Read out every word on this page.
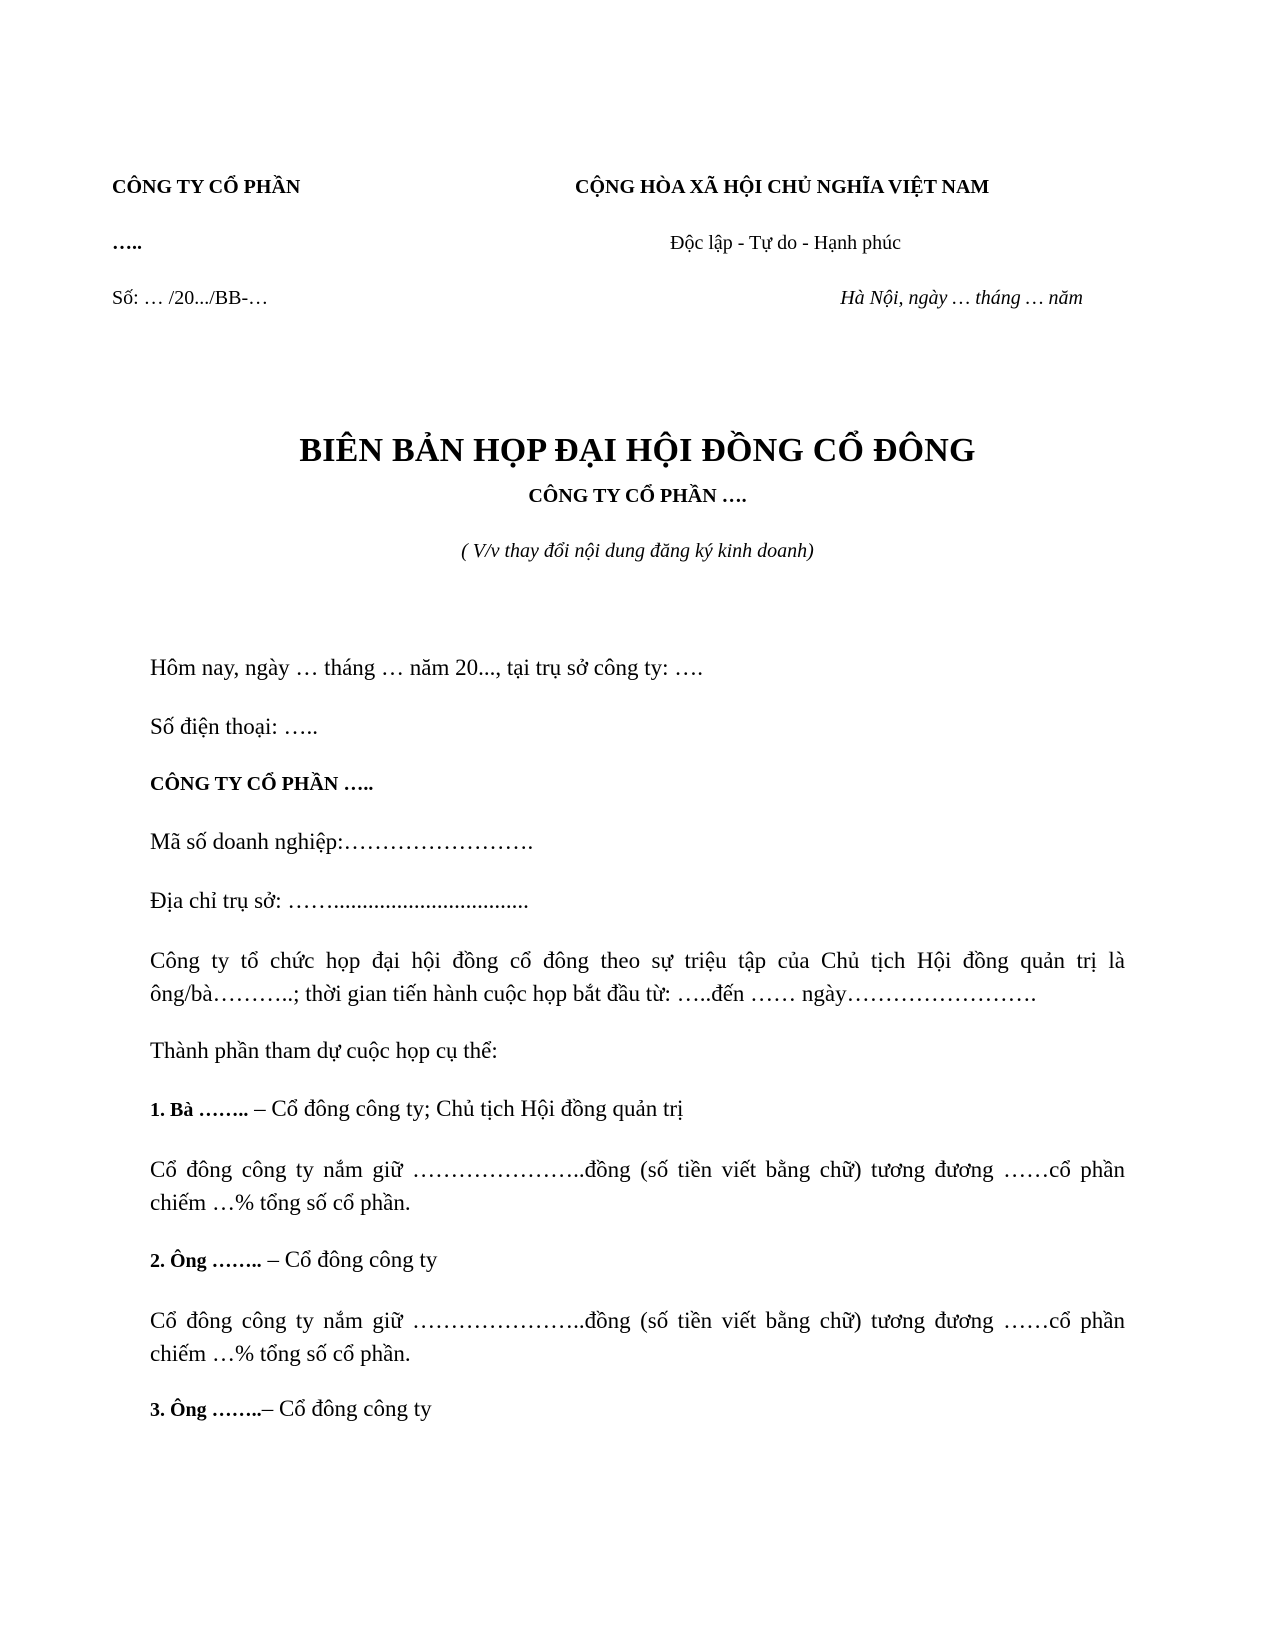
CÔNG TY CỔ PHẦN
…..
Số: … /20.../BB-…
CỘNG HÒA XÃ HỘI CHỦ NGHĨA VIỆT NAM
Độc lập - Tự do - Hạnh phúc
Hà Nội, ngày … tháng … năm
BIÊN BẢN HỌP ĐẠI HỘI ĐỒNG CỔ ĐÔNG
CÔNG TY CỔ PHẦN ….
( V/v thay đổi nội dung đăng ký kinh doanh)
Hôm nay, ngày … tháng … năm 20..., tại trụ sở công ty: ….
Số điện thoại: …..
CÔNG TY CỔ PHẦN …..
Mã số doanh nghiệp:…………………….
Địa chỉ trụ sở: ……..................................
Công ty tổ chức họp đại hội đồng cổ đông theo sự triệu tập của Chủ tịch Hội đồng quản trị là ông/bà………..; thời gian tiến hành cuộc họp bắt đầu từ: …..đến …… ngày…………………….
Thành phần tham dự cuộc họp cụ thể:
1. Bà …….. – Cổ đông công ty; Chủ tịch Hội đồng quản trị
Cổ đông công ty nắm giữ …………………..đồng (số tiền viết bằng chữ) tương đương ……cổ phần chiếm …% tổng số cổ phần.
2. Ông …….. – Cổ đông công ty
Cổ đông công ty nắm giữ …………………..đồng (số tiền viết bằng chữ) tương đương ……cổ phần chiếm …% tổng số cổ phần.
3. Ông ……..– Cổ đông công ty
